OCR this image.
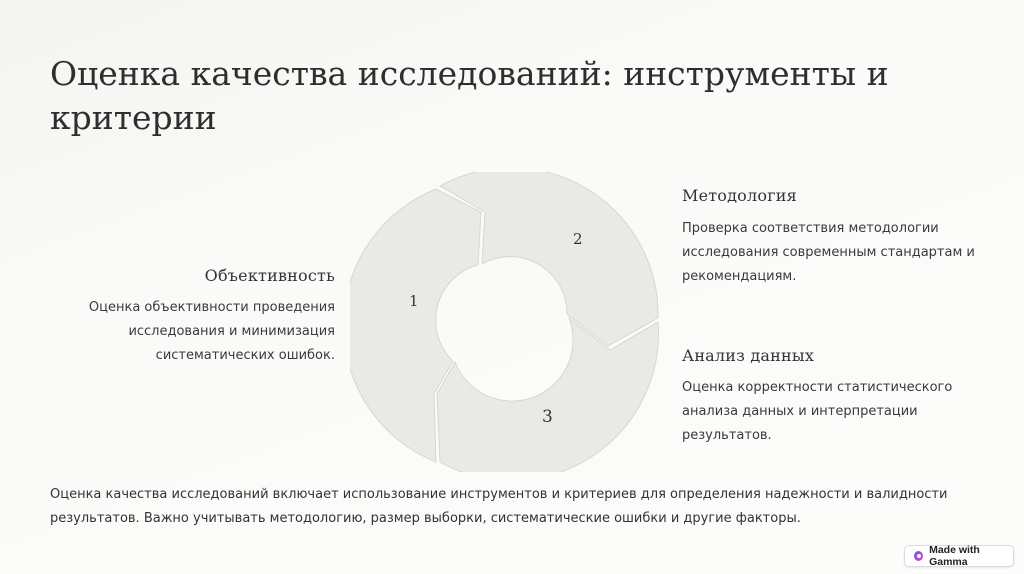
Оценка качества исследований: инструменты и критерии
1
2
3
Объективность

Оценка объективности проведения исследования и минимизация систематических ошибок.

Методология

Проверка соответствия методологии исследования современным стандартам и рекомендациям.

Анализ данных

Оценка корректности статистического анализа данных и интерпретации результатов.

Оценка качества исследований включает использование инструментов и критериев для определения надежности и валидности результатов. Важно учитывать методологию, размер выборки, систематические ошибки и другие факторы.

Made with Gamma
